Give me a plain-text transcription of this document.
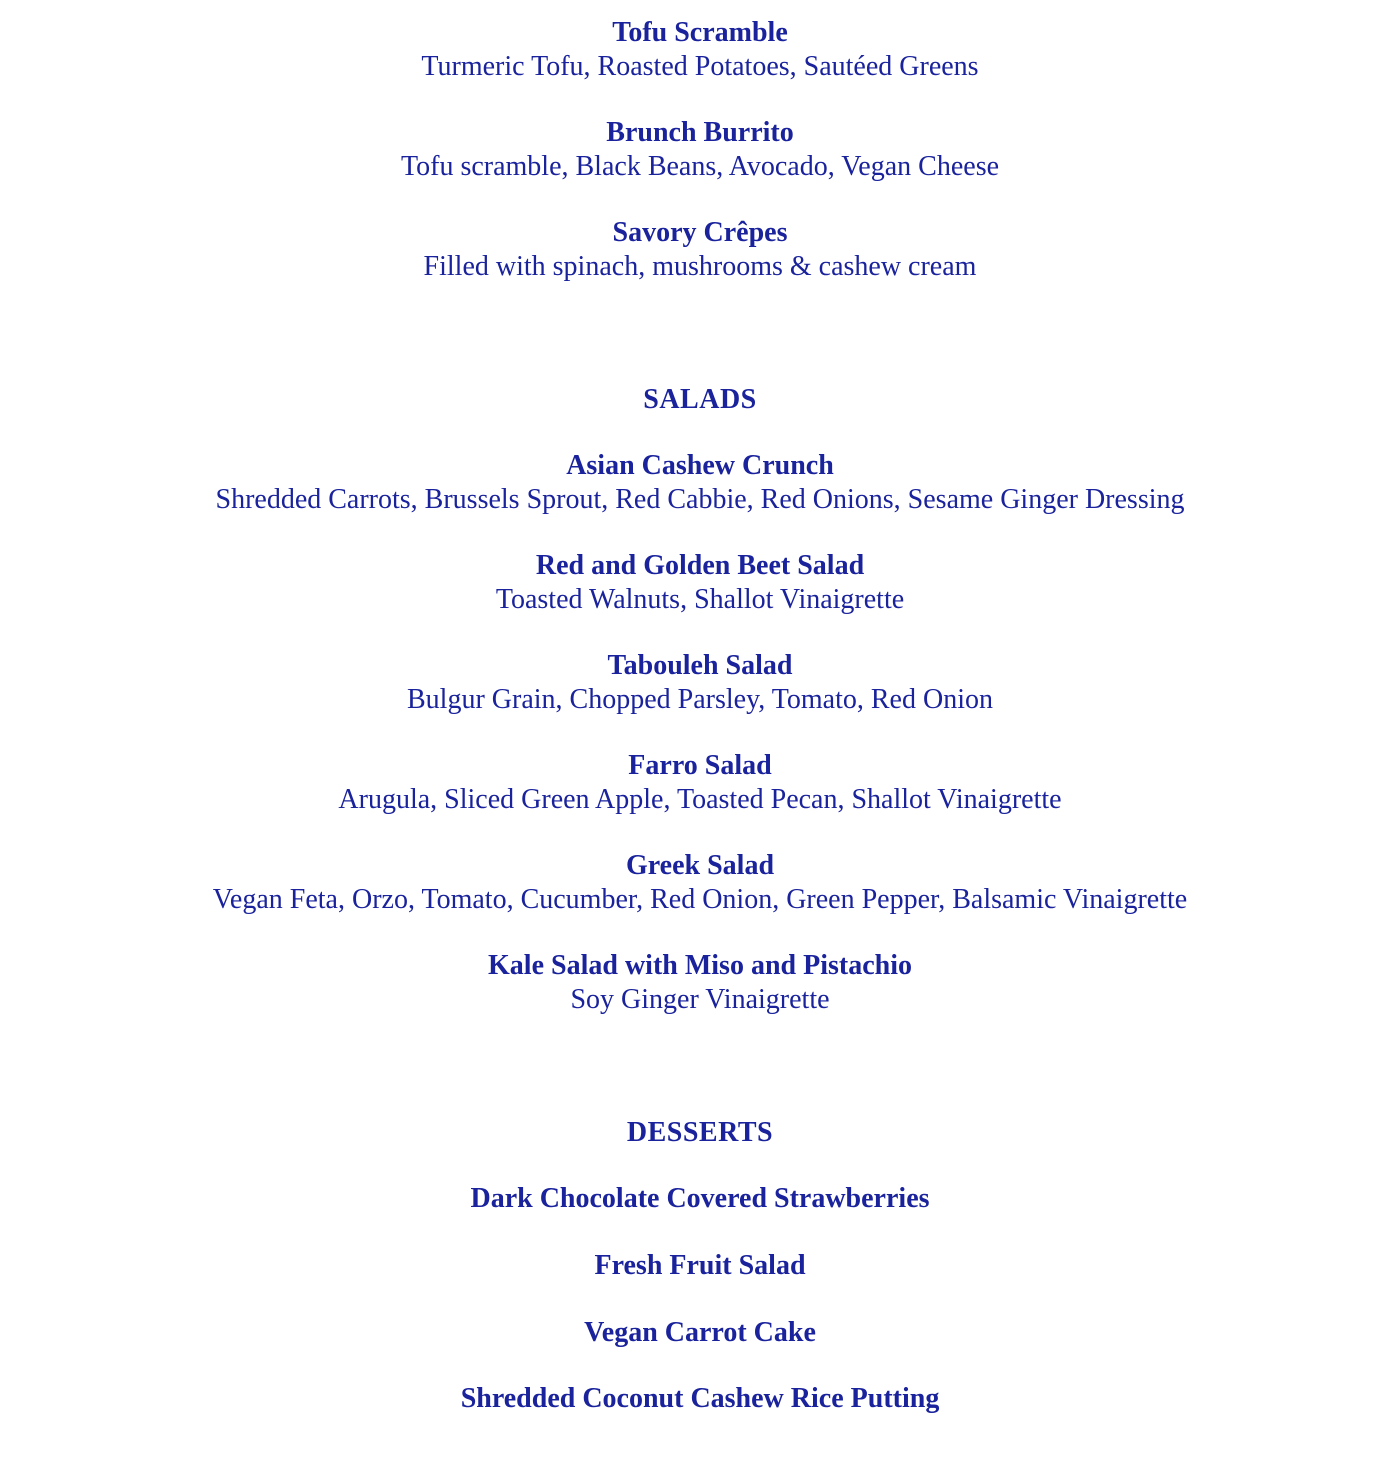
Tofu Scramble
Turmeric Tofu, Roasted Potatoes, Sautéed Greens
Brunch Burrito
Tofu scramble, Black Beans, Avocado, Vegan Cheese
Savory Crêpes
Filled with spinach, mushrooms & cashew cream
SALADS
Asian Cashew Crunch
Shredded Carrots, Brussels Sprout, Red Cabbie, Red Onions, Sesame Ginger Dressing
Red and Golden Beet Salad
Toasted Walnuts, Shallot Vinaigrette
Tabouleh Salad
Bulgur Grain, Chopped Parsley, Tomato, Red Onion
Farro Salad
Arugula, Sliced Green Apple, Toasted Pecan, Shallot Vinaigrette
Greek Salad
Vegan Feta, Orzo, Tomato, Cucumber, Red Onion, Green Pepper, Balsamic Vinaigrette
Kale Salad with Miso and Pistachio
Soy Ginger Vinaigrette
DESSERTS
Dark Chocolate Covered Strawberries
Fresh Fruit Salad
Vegan Carrot Cake
Shredded Coconut Cashew Rice Putting
